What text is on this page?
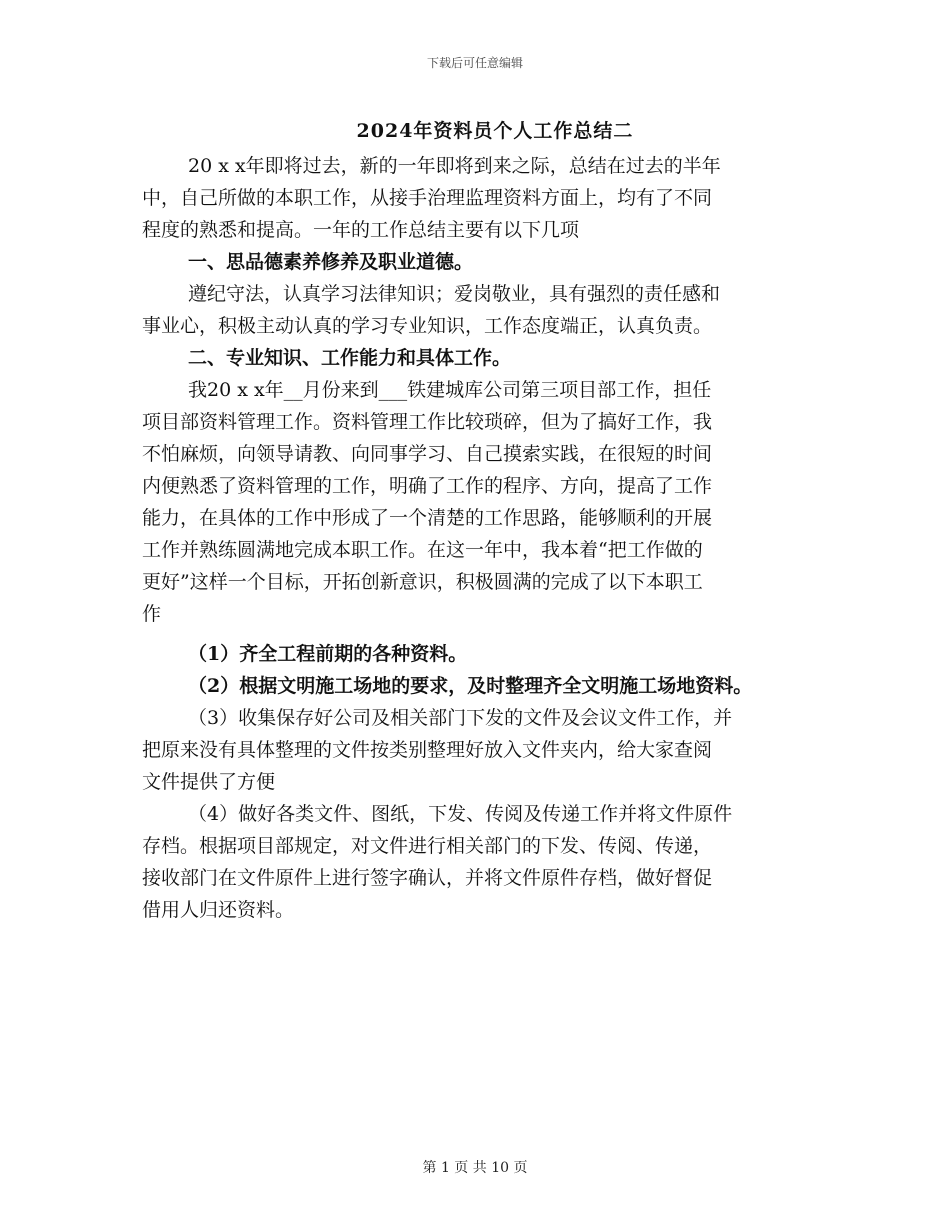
下载后可任意编辑
2024年资料员个人工作总结二

20 x x年即将过去，新的一年即将到来之际，总结在过去的半年

中，自己所做的本职工作，从接手治理监理资料方面上，均有了不同

程度的熟悉和提高。一年的工作总结主要有以下几项

一、思品德素养修养及职业道德。

遵纪守法，认真学习法律知识；爱岗敬业，具有强烈的责任感和

事业心，积极主动认真的学习专业知识，工作态度端正，认真负责。

二、专业知识、工作能力和具体工作。

我20 x x年__月份来到___铁建城库公司第三项目部工作，担任

项目部资料管理工作。资料管理工作比较琐碎，但为了搞好工作，我

不怕麻烦，向领导请教、向同事学习、自己摸索实践，在很短的时间

内便熟悉了资料管理的工作，明确了工作的程序、方向，提高了工作

能力，在具体的工作中形成了一个清楚的工作思路，能够顺利的开展

工作并熟练圆满地完成本职工作。在这一年中，我本着“把工作做的

更好”这样一个目标，开拓创新意识，积极圆满的完成了以下本职工

作

（1）齐全工程前期的各种资料。

（2）根据文明施工场地的要求，及时整理齐全文明施工场地资料。

（3）收集保存好公司及相关部门下发的文件及会议文件工作，并

把原来没有具体整理的文件按类别整理好放入文件夹内，给大家查阅

文件提供了方便

（4）做好各类文件、图纸，下发、传阅及传递工作并将文件原件

存档。根据项目部规定，对文件进行相关部门的下发、传阅、传递，

接收部门在文件原件上进行签字确认，并将文件原件存档，做好督促

借用人归还资料。

第 1 页 共 10 页
